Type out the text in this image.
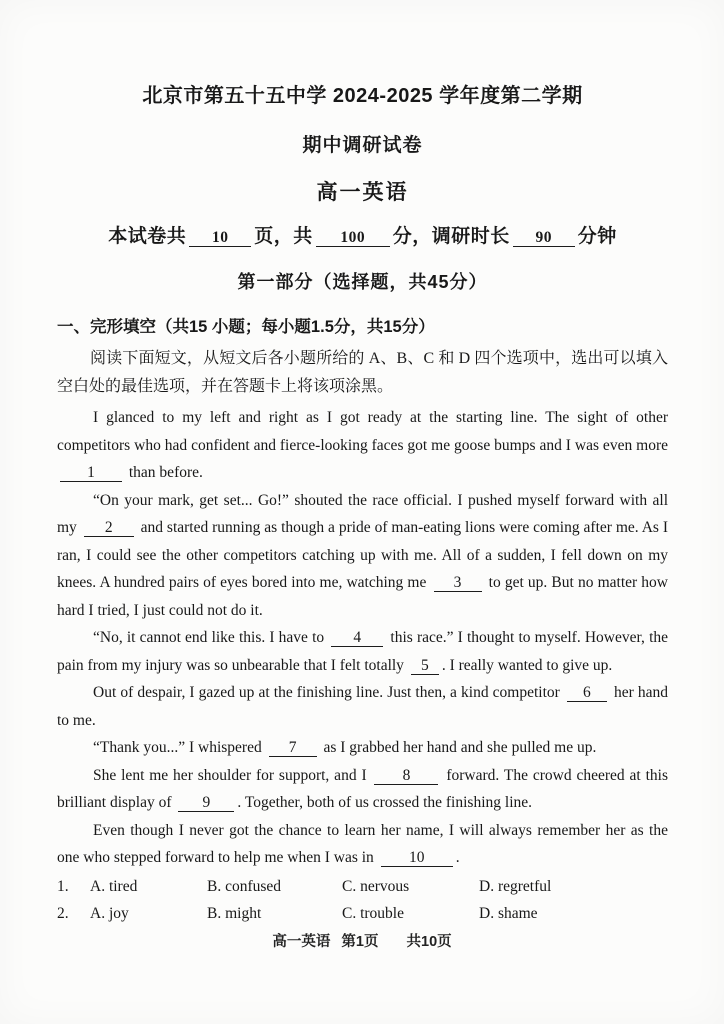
北京市第五十五中学 2024-2025 学年度第二学期
期中调研试卷
高一英语
本试卷共 10 页，共 100 分，调研时长 90 分钟
第一部分（选择题，共45分）
一、完形填空（共15 小题；每小题1.5分，共15分）

阅读下面短文，从短文后各小题所给的 A、B、C 和 D 四个选项中，选出可以填入空白处的最佳选项，并在答题卡上将该项涂黑。

I glanced to my left and right as I got ready at the starting line. The sight of other competitors who had confident and fierce-looking faces got me goose bumps and I was even more 1 than before.

“On your mark, get set... Go!” shouted the race official. I pushed myself forward with all my 2 and started running as though a pride of man-eating lions were coming after me. As I ran, I could see the other competitors catching up with me. All of a sudden, I fell down on my knees. A hundred pairs of eyes bored into me, watching me 3 to get up. But no matter how hard I tried, I just could not do it.

“No, it cannot end like this. I have to 4 this race.” I thought to myself. However, the pain from my injury was so unbearable that I felt totally 5 . I really wanted to give up.

Out of despair, I gazed up at the finishing line. Just then, a kind competitor 6 her hand to me.

“Thank you...” I whispered 7 as I grabbed her hand and she pulled me up.

She lent me her shoulder for support, and I 8 forward. The crowd cheered at this brilliant display of 9 . Together, both of us crossed the finishing line.

Even though I never got the chance to learn her name, I will always remember her as the one who stepped forward to help me when I was in 10 .

1.	A. tired	B. confused	C. nervous	D. regretful
2.	A. joy	B. might	C. trouble	D. shame
高一英语 第1页 共10页
